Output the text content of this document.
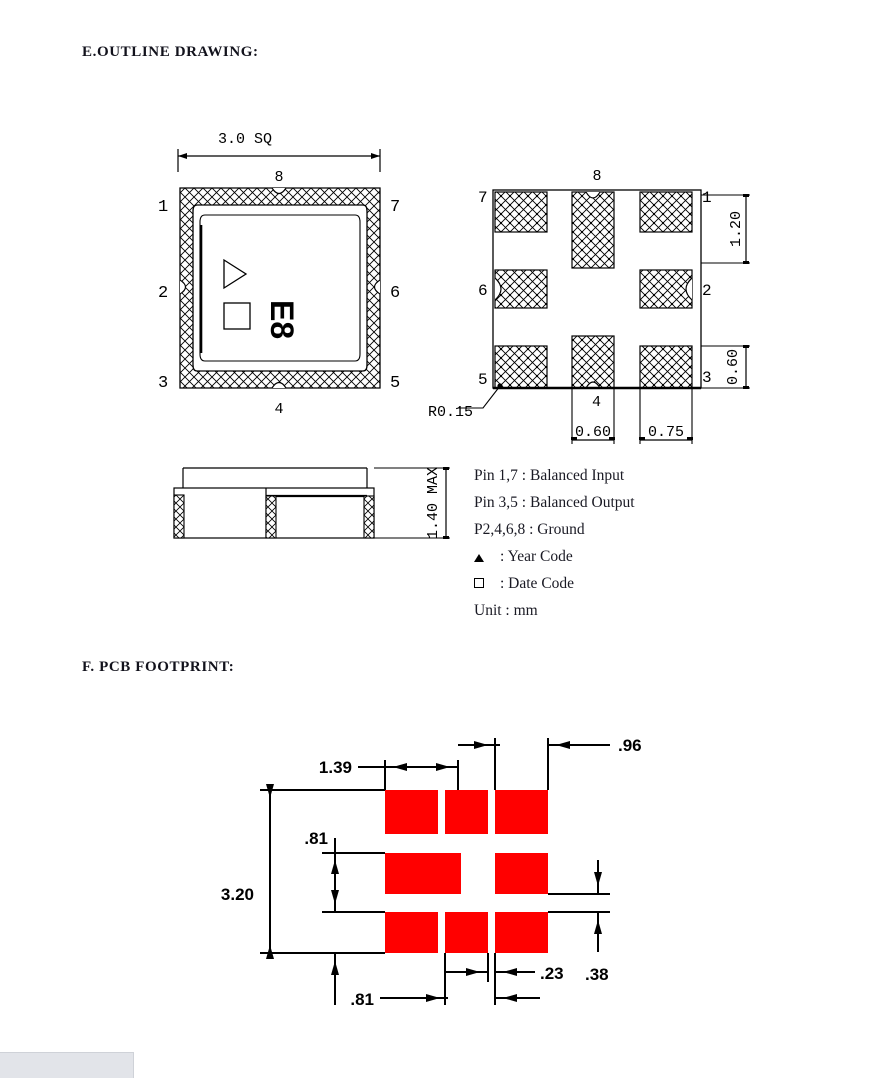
E.OUTLINE DRAWING:
3.0 SQ
8
E8
1
2
3
7
6
5
4
8
7	1
6	2
5
4
3
1.20
0.60
0.60 0.75
R0.15
1.40 MAX Pin 1,7 : Balanced Input
Pin 3,5 : Balanced Output
P2,4,6,8 : Ground
: Year Code
: Date Code
Unit : mm
F. PCB FOOTPRINT:
1.39
.96
3.20
.81
.38
.23
.81
